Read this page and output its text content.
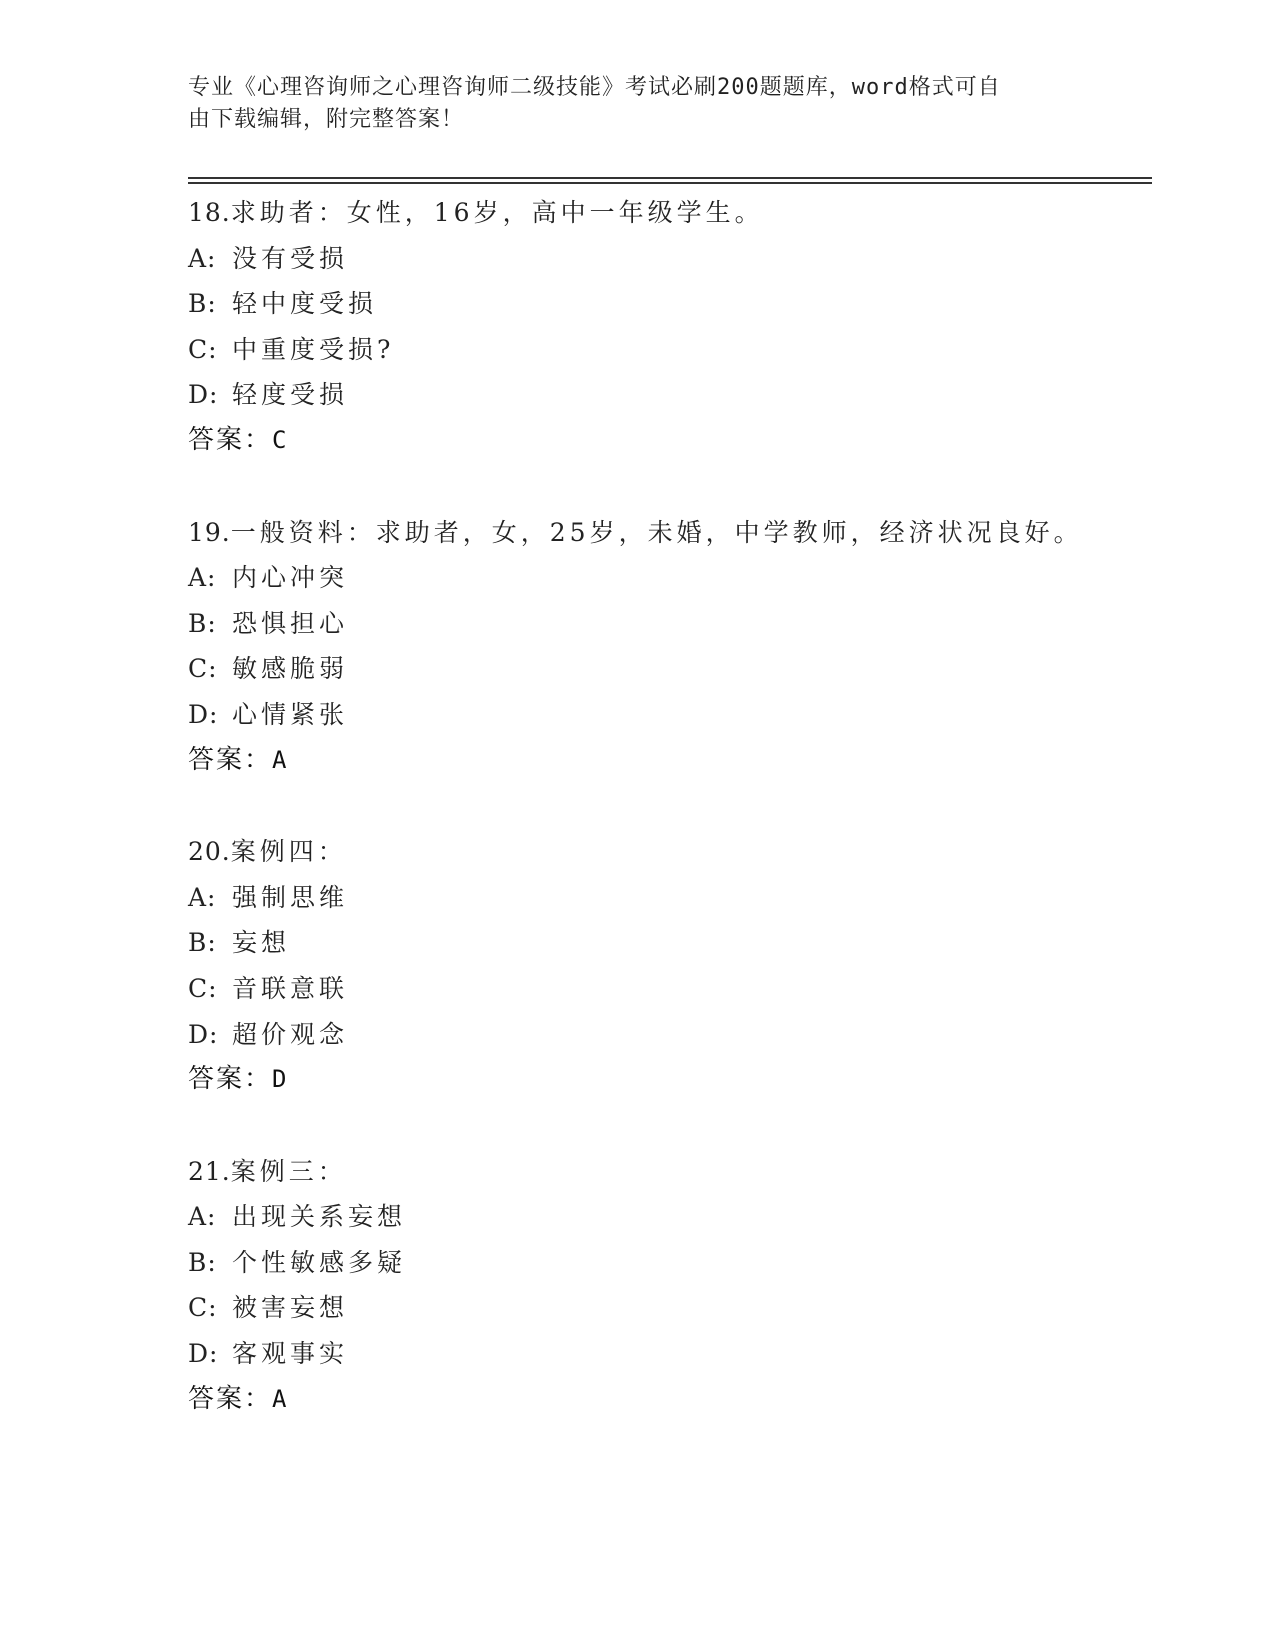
专业《心理咨询师之心理咨询师二级技能》考试必刷200题题库，word格式可自
由下载编辑，附完整答案！
18.求助者：女性，16岁，高中一年级学生。
A: 没有受损
B: 轻中度受损
C: 中重度受损?
D: 轻度受损
答案：C
19.一般资料：求助者，女，25岁，未婚，中学教师，经济状况良好。
A: 内心冲突
B: 恐惧担心
C: 敏感脆弱
D: 心情紧张
答案：A
20.案例四：
A: 强制思维
B: 妄想
C: 音联意联
D: 超价观念
答案：D
21.案例三：
A: 出现关系妄想
B: 个性敏感多疑
C: 被害妄想
D: 客观事实
答案：A
